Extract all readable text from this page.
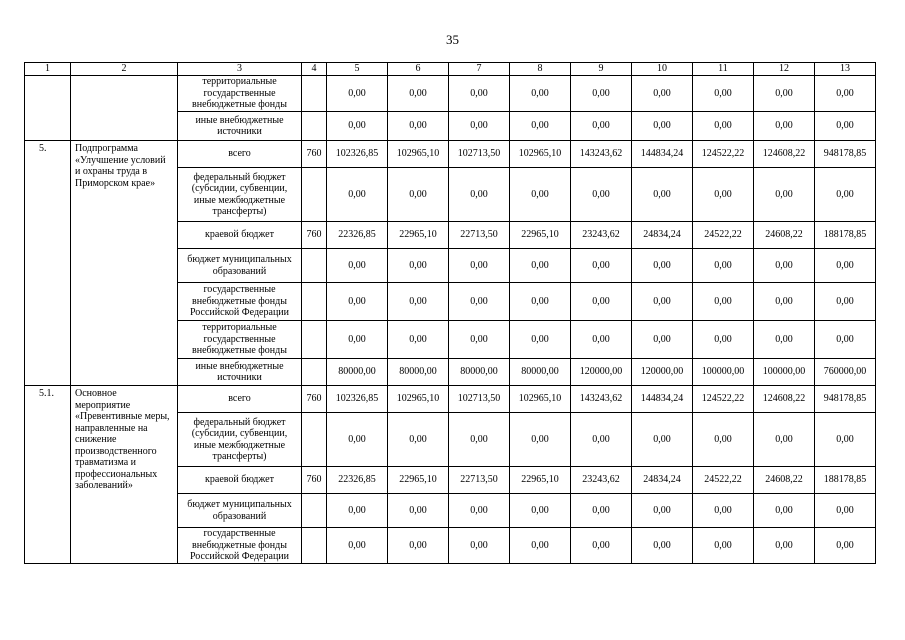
35
1	2	3	4	5	6	7	8	9	10	11	12	13
		территориальные государственные внебюджетные фонды		0,00	0,00	0,00	0,00	0,00	0,00	0,00	0,00	0,00
		иные внебюджетные источники		0,00	0,00	0,00	0,00	0,00	0,00	0,00	0,00	0,00
5.	Подпрограмма «Улучшение условий и охраны труда в Приморском крае»	всего	760	102326,85	102965,10	102713,50	102965,10	143243,62	144834,24	124522,22	124608,22	948178,85
		федеральный бюджет (субсидии, субвенции, иные межбюджетные трансферты)		0,00	0,00	0,00	0,00	0,00	0,00	0,00	0,00	0,00
		краевой бюджет	760	22326,85	22965,10	22713,50	22965,10	23243,62	24834,24	24522,22	24608,22	188178,85
		бюджет муниципальных образований		0,00	0,00	0,00	0,00	0,00	0,00	0,00	0,00	0,00
		государственные внебюджетные фонды Российской Федерации		0,00	0,00	0,00	0,00	0,00	0,00	0,00	0,00	0,00
		территориальные государственные внебюджетные фонды		0,00	0,00	0,00	0,00	0,00	0,00	0,00	0,00	0,00
		иные внебюджетные источники		80000,00	80000,00	80000,00	80000,00	120000,00	120000,00	100000,00	100000,00	760000,00
5.1.	Основное мероприятие «Превентивные меры, направленные на снижение производственного травматизма и профессиональных заболеваний»	всего	760	102326,85	102965,10	102713,50	102965,10	143243,62	144834,24	124522,22	124608,22	948178,85
		федеральный бюджет (субсидии, субвенции, иные межбюджетные трансферты)		0,00	0,00	0,00	0,00	0,00	0,00	0,00	0,00	0,00
		краевой бюджет	760	22326,85	22965,10	22713,50	22965,10	23243,62	24834,24	24522,22	24608,22	188178,85
		бюджет муниципальных образований		0,00	0,00	0,00	0,00	0,00	0,00	0,00	0,00	0,00
		государственные внебюджетные фонды Российской Федерации		0,00	0,00	0,00	0,00	0,00	0,00	0,00	0,00	0,00
